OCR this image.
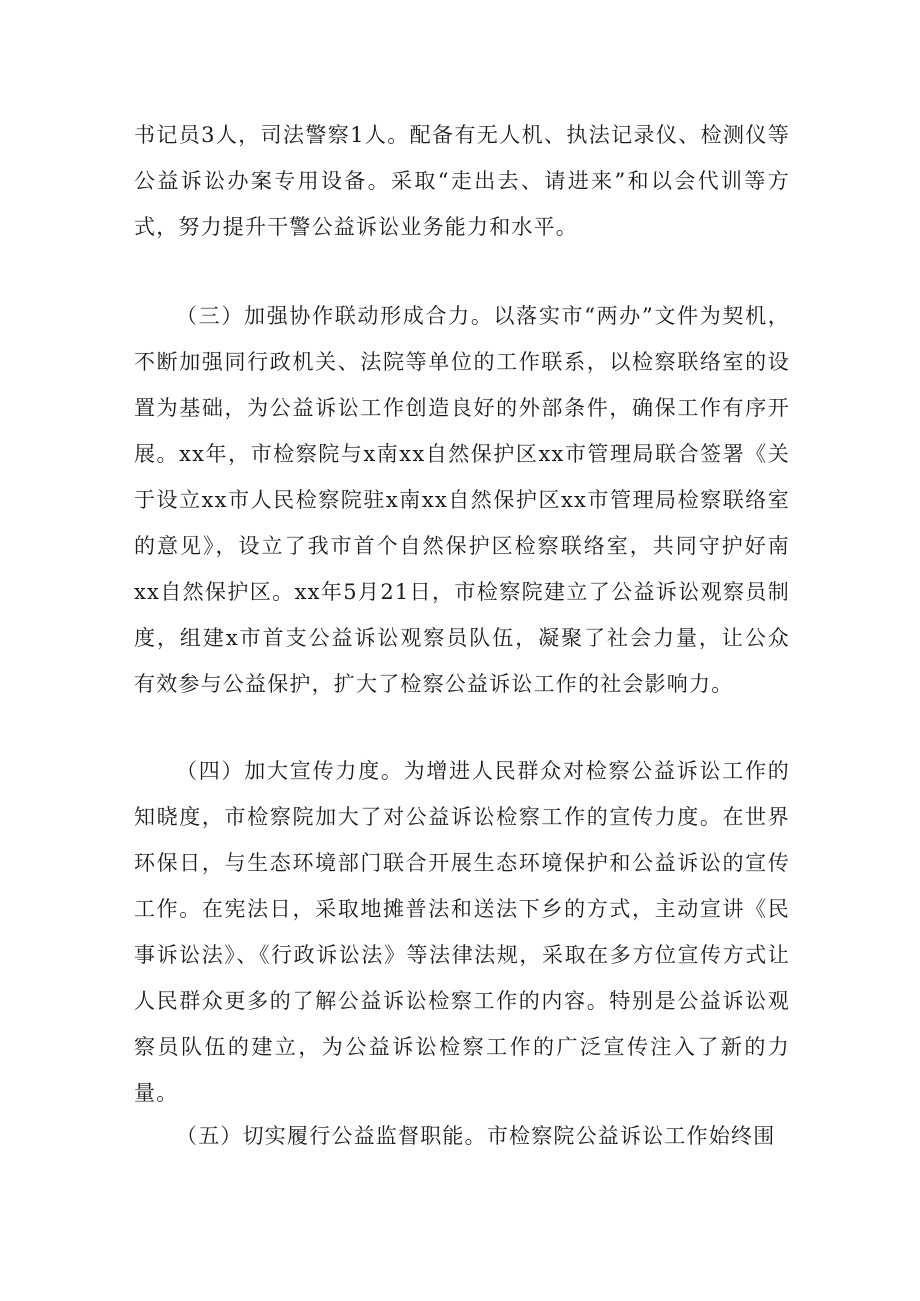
书记员3人，司法警察1人。配备有无人机、执法记录仪、检测仪等公益诉讼办案专用设备。采取“走出去、请进来”和以会代训等方式，努力提升干警公益诉讼业务能力和水平。

（三）加强协作联动形成合力。以落实市“两办”文件为契机，不断加强同行政机关、法院等单位的工作联系，以检察联络室的设置为基础，为公益诉讼工作创造良好的外部条件，确保工作有序开展。xx年，市检察院与x南xx自然保护区xx市管理局联合签署《关于设立xx市人民检察院驻x南xx自然保护区xx市管理局检察联络室的意见》，设立了我市首个自然保护区检察联络室，共同守护好南xx自然保护区。xx年5月21日，市检察院建立了公益诉讼观察员制度，组建x市首支公益诉讼观察员队伍，凝聚了社会力量，让公众有效参与公益保护，扩大了检察公益诉讼工作的社会影响力。

（四）加大宣传力度。为增进人民群众对检察公益诉讼工作的知晓度，市检察院加大了对公益诉讼检察工作的宣传力度。在世界环保日，与生态环境部门联合开展生态环境保护和公益诉讼的宣传工作。在宪法日，采取地摊普法和送法下乡的方式，主动宣讲《民事诉讼法》、《行政诉讼法》等法律法规，采取在多方位宣传方式让人民群众更多的了解公益诉讼检察工作的内容。特别是公益诉讼观察员队伍的建立，为公益诉讼检察工作的广泛宣传注入了新的力量。

（五）切实履行公益监督职能。市检察院公益诉讼工作始终围
